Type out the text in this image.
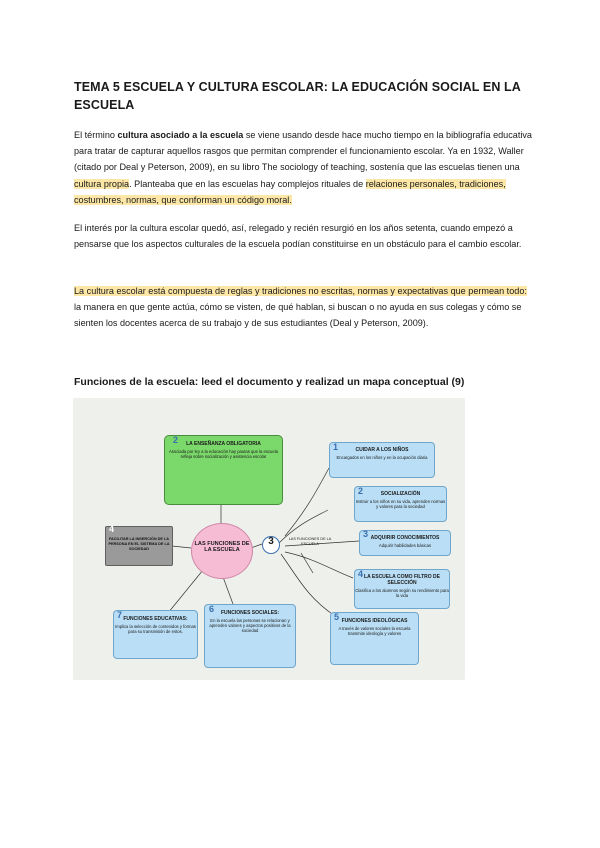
TEMA 5 ESCUELA Y CULTURA ESCOLAR: LA EDUCACIÓN SOCIAL EN LA ESCUELA
El término cultura asociado a la escuela se viene usando desde hace mucho tiempo en la bibliografía educativa para tratar de capturar aquellos rasgos que permitan comprender el funcionamiento escolar. Ya en 1932, Waller (citado por Deal y Peterson, 2009), en su libro The sociology of teaching, sostenía que las escuelas tienen una cultura propia. Planteaba que en las escuelas hay complejos rituales de relaciones personales, tradiciones, costumbres, normas, que conforman un código moral.
El interés por la cultura escolar quedó, así, relegado y recién resurgió en los años setenta, cuando empezó a pensarse que los aspectos culturales de la escuela podían constituirse en un obstáculo para el cambio escolar.
La cultura escolar está compuesta de reglas y tradiciones no escritas, normas y expectativas que permean todo: la manera en que gente actúa, cómo se visten, de qué hablan, si buscan o no ayuda en sus colegas y cómo se sienten los docentes acerca de su trabajo y de sus estudiantes (Deal y Peterson, 2009).
Funciones de la escuela: leed el documento y realizad un mapa conceptual (9)
2	LA ENSEÑANZA OBLIGATORIA
Asociada por ley a la educación hay pautas que la escuela refleja sobre socialización y asistencia escolar
LAS FUNCIONES DE LA ESCUELA
4
FACILITAR LA INSERCIÓN DE LA PERSONA EN EL SISTEMA DE LA SOCIEDAD
3	LAS FUNCIONES DE LA ESCUELA
1	CUIDAR A LOS NIÑOS
Encargados en los niños y en la ocupación diaria
2	SOCIALIZACIÓN
Instruir a los niños en su vida, aprenden normas y valores para la sociedad
3 ADQUIRIR CONOCIMIENTOS
Adquirir habilidades básicas
4 LA ESCUELA COMO FILTRO DE SELECCIÓN
Clasifica a los alumnos según su rendimiento para la vida
5 FUNCIONES IDEOLÓGICAS
A través de valores sociales la escuela transmite ideología y valores
6	FUNCIONES SOCIALES:
En la escuela las personas se relacionan y aprenden valores y aspectos positivos de la sociedad
7 FUNCIONES EDUCATIVAS:
Implica la selección de contenidos y formas para su transmisión de estos.
